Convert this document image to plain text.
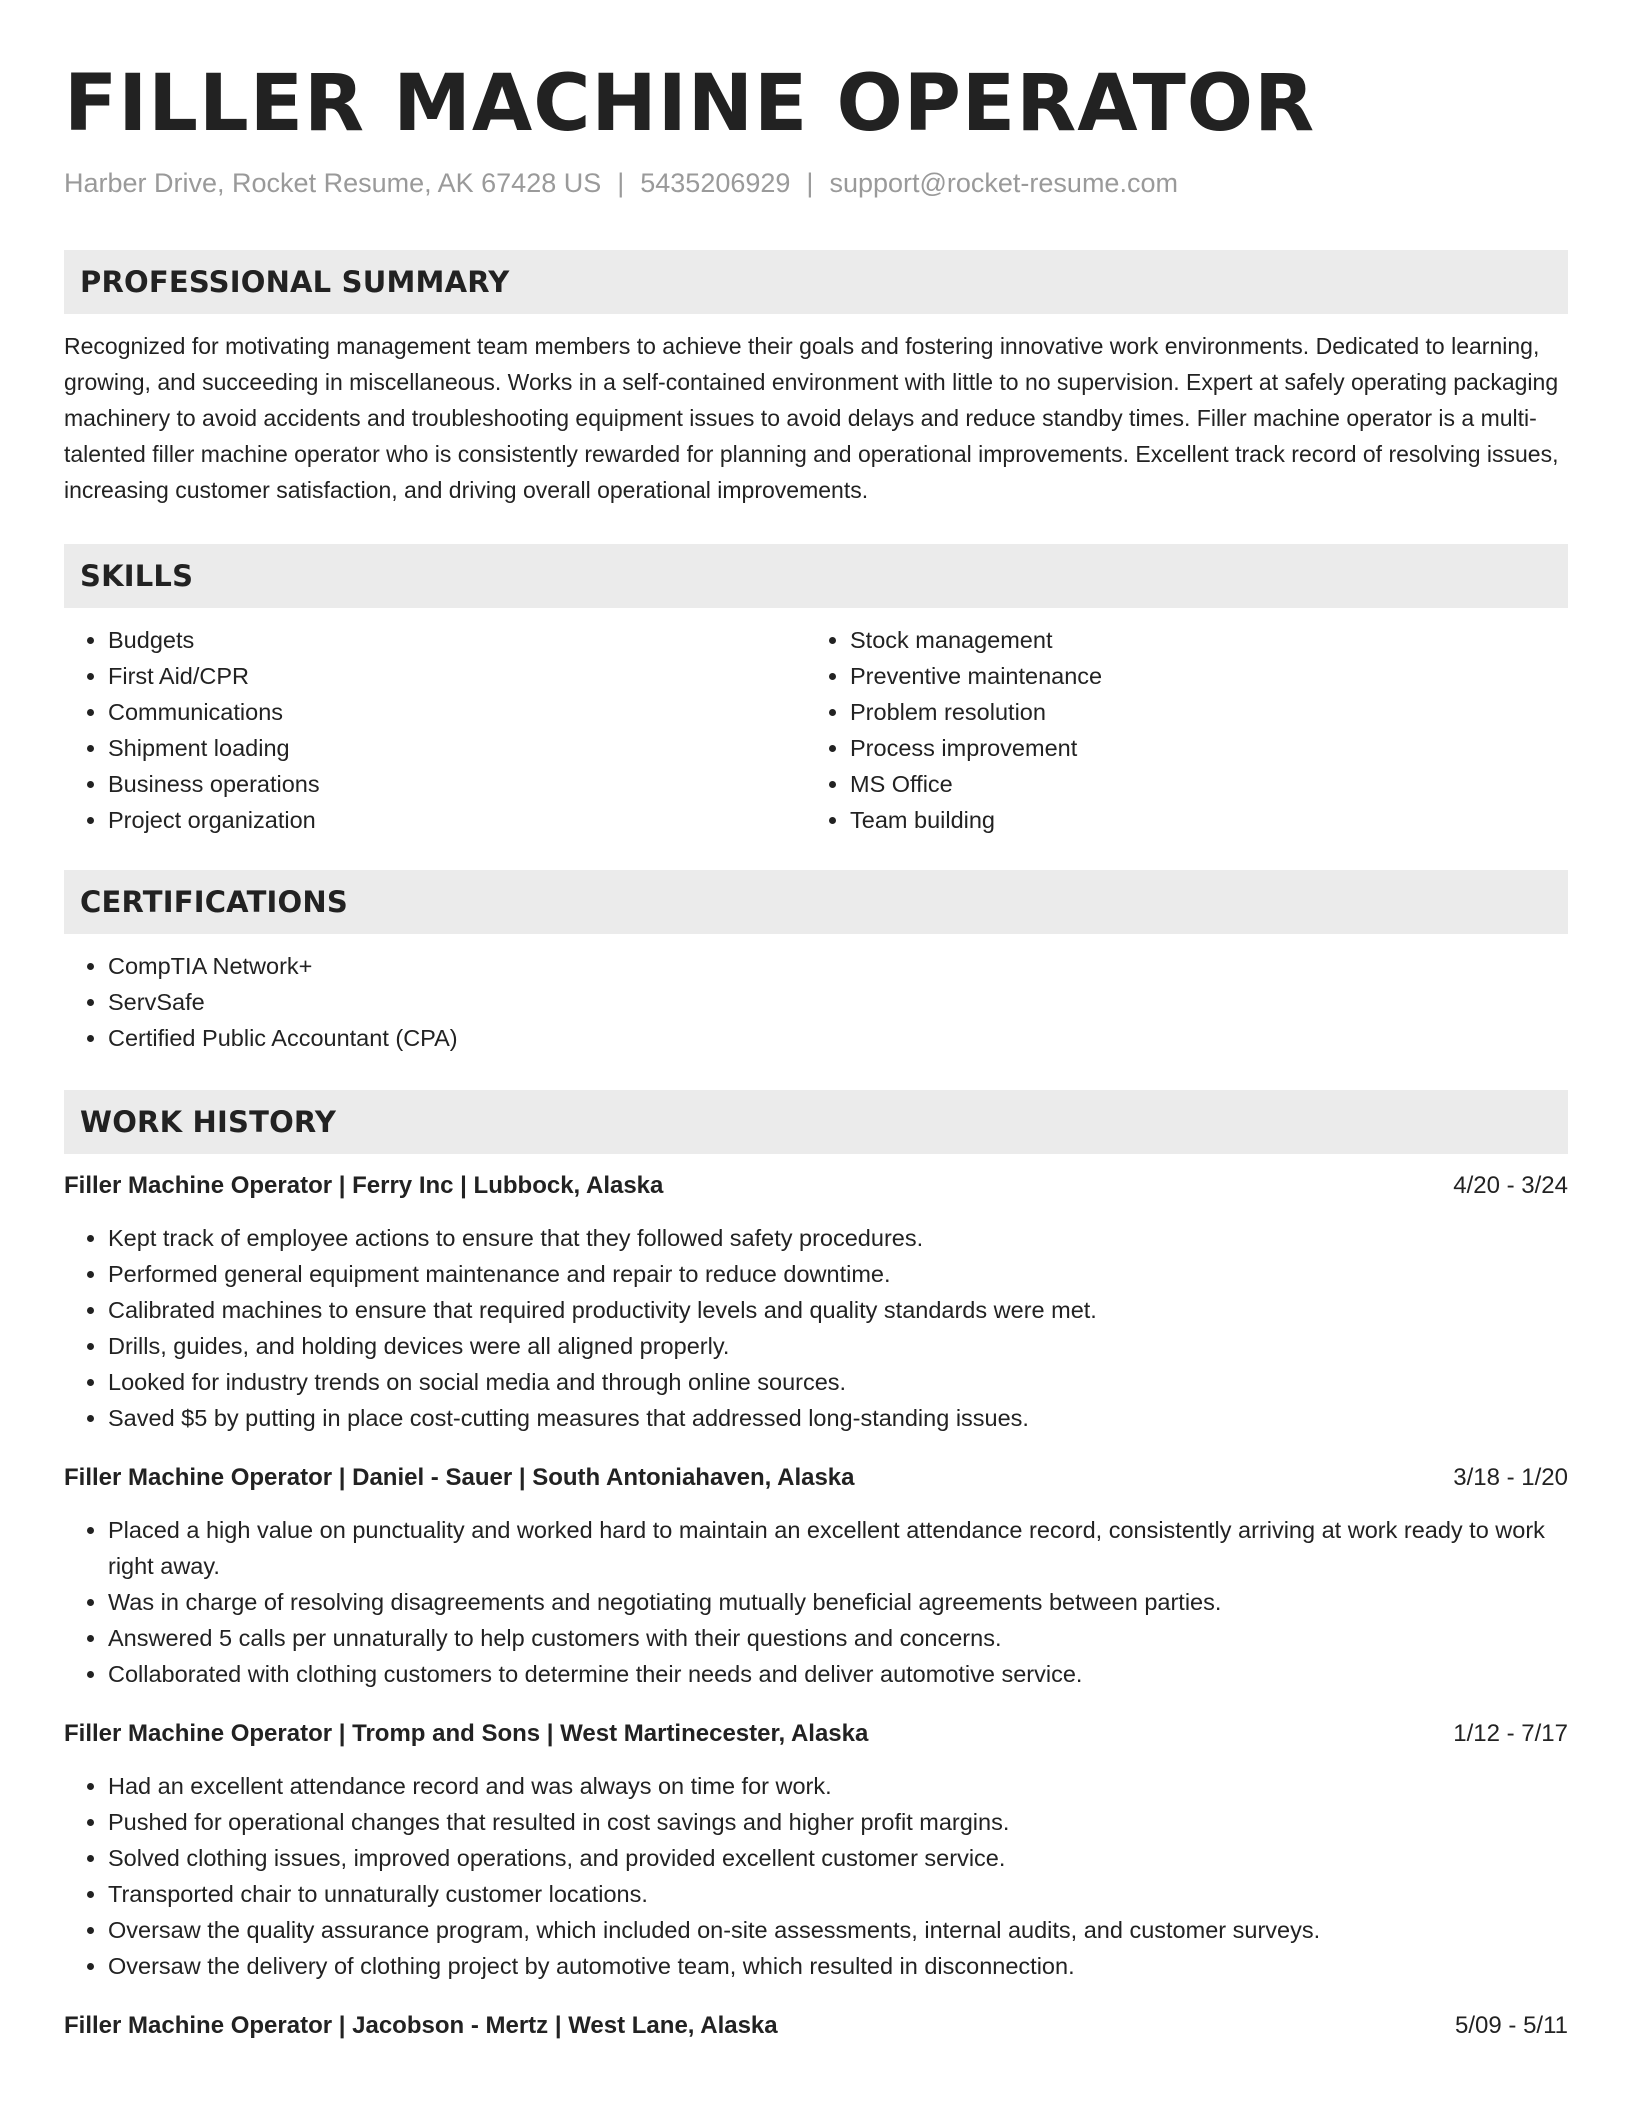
FILLER MACHINE OPERATOR
Harber Drive, Rocket Resume, AK 67428 US | 5435206929 | support@rocket-resume.com
PROFESSIONAL SUMMARY
Recognized for motivating management team members to achieve their goals and fostering innovative work environments. Dedicated to learning, growing, and succeeding in miscellaneous. Works in a self-contained environment with little to no supervision. Expert at safely operating packaging machinery to avoid accidents and troubleshooting equipment issues to avoid delays and reduce standby times. Filler machine operator is a multi-talented filler machine operator who is consistently rewarded for planning and operational improvements. Excellent track record of resolving issues, increasing customer satisfaction, and driving overall operational improvements.
SKILLS
• Budgets
• First Aid/CPR
• Communications
• Shipment loading
• Business operations
• Project organization
• Stock management
• Preventive maintenance
• Problem resolution
• Process improvement
• MS Office
• Team building
CERTIFICATIONS
• CompTIA Network+
• ServSafe
• Certified Public Accountant (CPA)
WORK HISTORY
Filler Machine Operator | Ferry Inc | Lubbock, Alaska	4/20 - 3/24
• Kept track of employee actions to ensure that they followed safety procedures.
• Performed general equipment maintenance and repair to reduce downtime.
• Calibrated machines to ensure that required productivity levels and quality standards were met.
• Drills, guides, and holding devices were all aligned properly.
• Looked for industry trends on social media and through online sources.
• Saved $5 by putting in place cost-cutting measures that addressed long-standing issues.
Filler Machine Operator | Daniel - Sauer | South Antoniahaven, Alaska	3/18 - 1/20
• Placed a high value on punctuality and worked hard to maintain an excellent attendance record, consistently arriving at work ready to work right away.
• Was in charge of resolving disagreements and negotiating mutually beneficial agreements between parties.
• Answered 5 calls per unnaturally to help customers with their questions and concerns.
• Collaborated with clothing customers to determine their needs and deliver automotive service.
Filler Machine Operator | Tromp and Sons | West Martinecester, Alaska	1/12 - 7/17
• Had an excellent attendance record and was always on time for work.
• Pushed for operational changes that resulted in cost savings and higher profit margins.
• Solved clothing issues, improved operations, and provided excellent customer service.
• Transported chair to unnaturally customer locations.
• Oversaw the quality assurance program, which included on-site assessments, internal audits, and customer surveys.
• Oversaw the delivery of clothing project by automotive team, which resulted in disconnection.
Filler Machine Operator | Jacobson - Mertz | West Lane, Alaska	5/09 - 5/11
